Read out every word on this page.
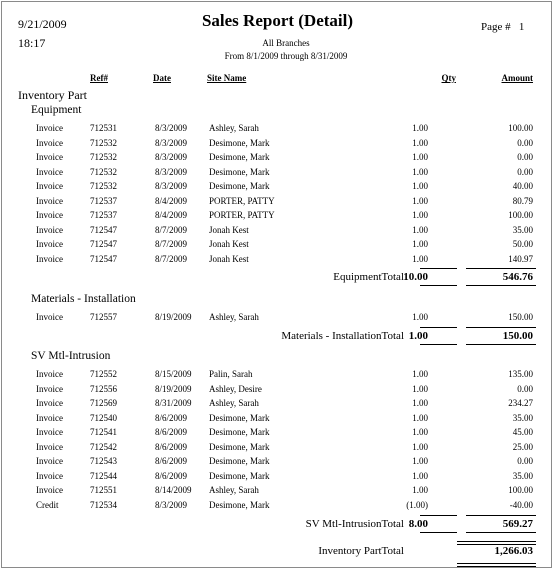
9/21/2009
18:17
Sales Report (Detail)
All Branches
From 8/1/2009 through 8/31/2009
Page # 1
Ref#	Date	Site Name	Qty	Amount
Inventory Part
Equipment
Invoice	712531	8/3/2009 Ashley, Sarah	1.00	100.00
Invoice	712532	8/3/2009 Desimone, Mark	1.00	0.00
Invoice	712532	8/3/2009 Desimone, Mark	1.00	0.00
Invoice	712532	8/3/2009 Desimone, Mark	1.00	0.00
Invoice	712532	8/3/2009 Desimone, Mark	1.00	40.00
Invoice	712537	8/4/2009 PORTER, PATTY	1.00	80.79
Invoice	712537	8/4/2009 PORTER, PATTY	1.00	100.00
Invoice	712547	8/7/2009 Jonah Kest	1.00	35.00
Invoice	712547	8/7/2009 Jonah Kest	1.00	50.00
Invoice	712547	8/7/2009 Jonah Kest	1.00	140.97
EquipmentTotal 10.00	546.76
Materials - Installation
Invoice	712557	8/19/2009 Ashley, Sarah	1.00	150.00
Materials - InstallationTotal 1.00	150.00
SV Mtl-Intrusion
Invoice	712552	8/15/2009 Palin, Sarah	1.00	135.00
Invoice	712556	8/19/2009 Ashley, Desire	1.00	0.00
Invoice	712569	8/31/2009 Ashley, Sarah	1.00	234.27
Invoice	712540	8/6/2009 Desimone, Mark	1.00	35.00
Invoice	712541	8/6/2009 Desimone, Mark	1.00	45.00
Invoice	712542	8/6/2009 Desimone, Mark	1.00	25.00
Invoice	712543	8/6/2009 Desimone, Mark	1.00	0.00
Invoice	712544	8/6/2009 Desimone, Mark	1.00	35.00
Invoice	712551	8/14/2009 Ashley, Sarah	1.00	100.00
Credit	712534	8/3/2009 Desimone, Mark	(1.00)	-40.00
SV Mtl-IntrusionTotal 8.00	569.27
Inventory PartTotal	1,266.03
